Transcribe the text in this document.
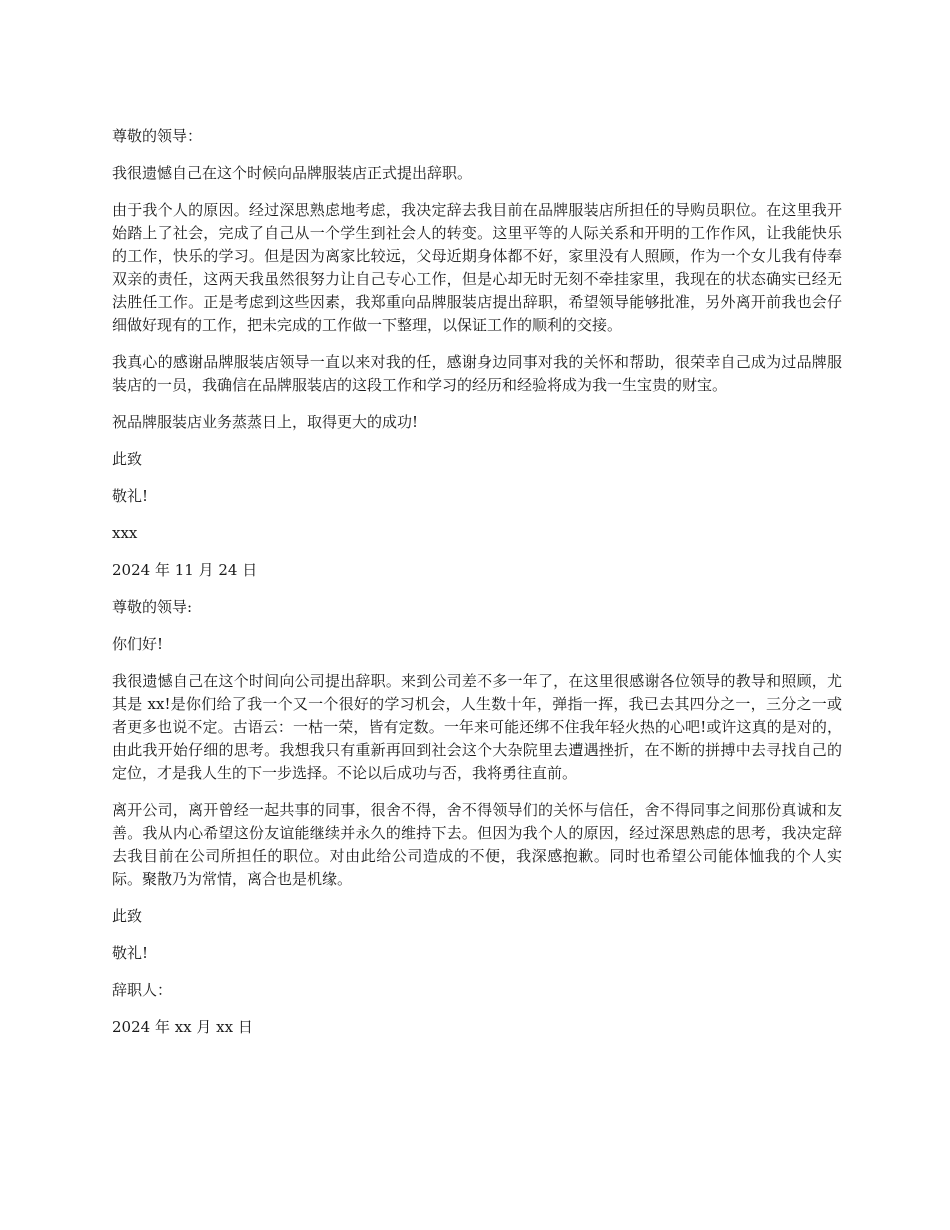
尊敬的领导：

我很遗憾自己在这个时候向品牌服装店正式提出辞职。

由于我个人的原因。经过深思熟虑地考虑，我决定辞去我目前在品牌服装店所担任的导购员职位。在这里我开始踏上了社会，完成了自己从一个学生到社会人的转变。这里平等的人际关系和开明的工作作风，让我能快乐的工作，快乐的学习。但是因为离家比较远，父母近期身体都不好，家里没有人照顾，作为一个女儿我有侍奉双亲的责任，这两天我虽然很努力让自己专心工作，但是心却无时无刻不牵挂家里，我现在的状态确实已经无法胜任工作。正是考虑到这些因素，我郑重向品牌服装店提出辞职，希望领导能够批准，另外离开前我也会仔细做好现有的工作，把未完成的工作做一下整理，以保证工作的顺利的交接。

我真心的感谢品牌服装店领导一直以来对我的任，感谢身边同事对我的关怀和帮助，很荣幸自己成为过品牌服装店的一员，我确信在品牌服装店的这段工作和学习的经历和经验将成为我一生宝贵的财宝。

祝品牌服装店业务蒸蒸日上，取得更大的成功!

此致

敬礼!

xxx

2024 年 11 月 24 日

尊敬的领导:

你们好!

我很遗憾自己在这个时间向公司提出辞职。来到公司差不多一年了，在这里很感谢各位领导的教导和照顾，尤其是 xx!是你们给了我一个又一个很好的学习机会，人生数十年，弹指一挥，我已去其四分之一，三分之一或者更多也说不定。古语云：一枯一荣，皆有定数。一年来可能还绑不住我年轻火热的心吧!或许这真的是对的，由此我开始仔细的思考。我想我只有重新再回到社会这个大杂院里去遭遇挫折，在不断的拼搏中去寻找自己的定位，才是我人生的下一步选择。不论以后成功与否，我将勇往直前。

离开公司，离开曾经一起共事的同事，很舍不得，舍不得领导们的关怀与信任，舍不得同事之间那份真诚和友善。我从内心希望这份友谊能继续并永久的维持下去。但因为我个人的原因，经过深思熟虑的思考，我决定辞去我目前在公司所担任的职位。对由此给公司造成的不便，我深感抱歉。同时也希望公司能体恤我的个人实际。聚散乃为常情，离合也是机缘。

此致

敬礼!

辞职人：

2024 年 xx 月 xx 日
